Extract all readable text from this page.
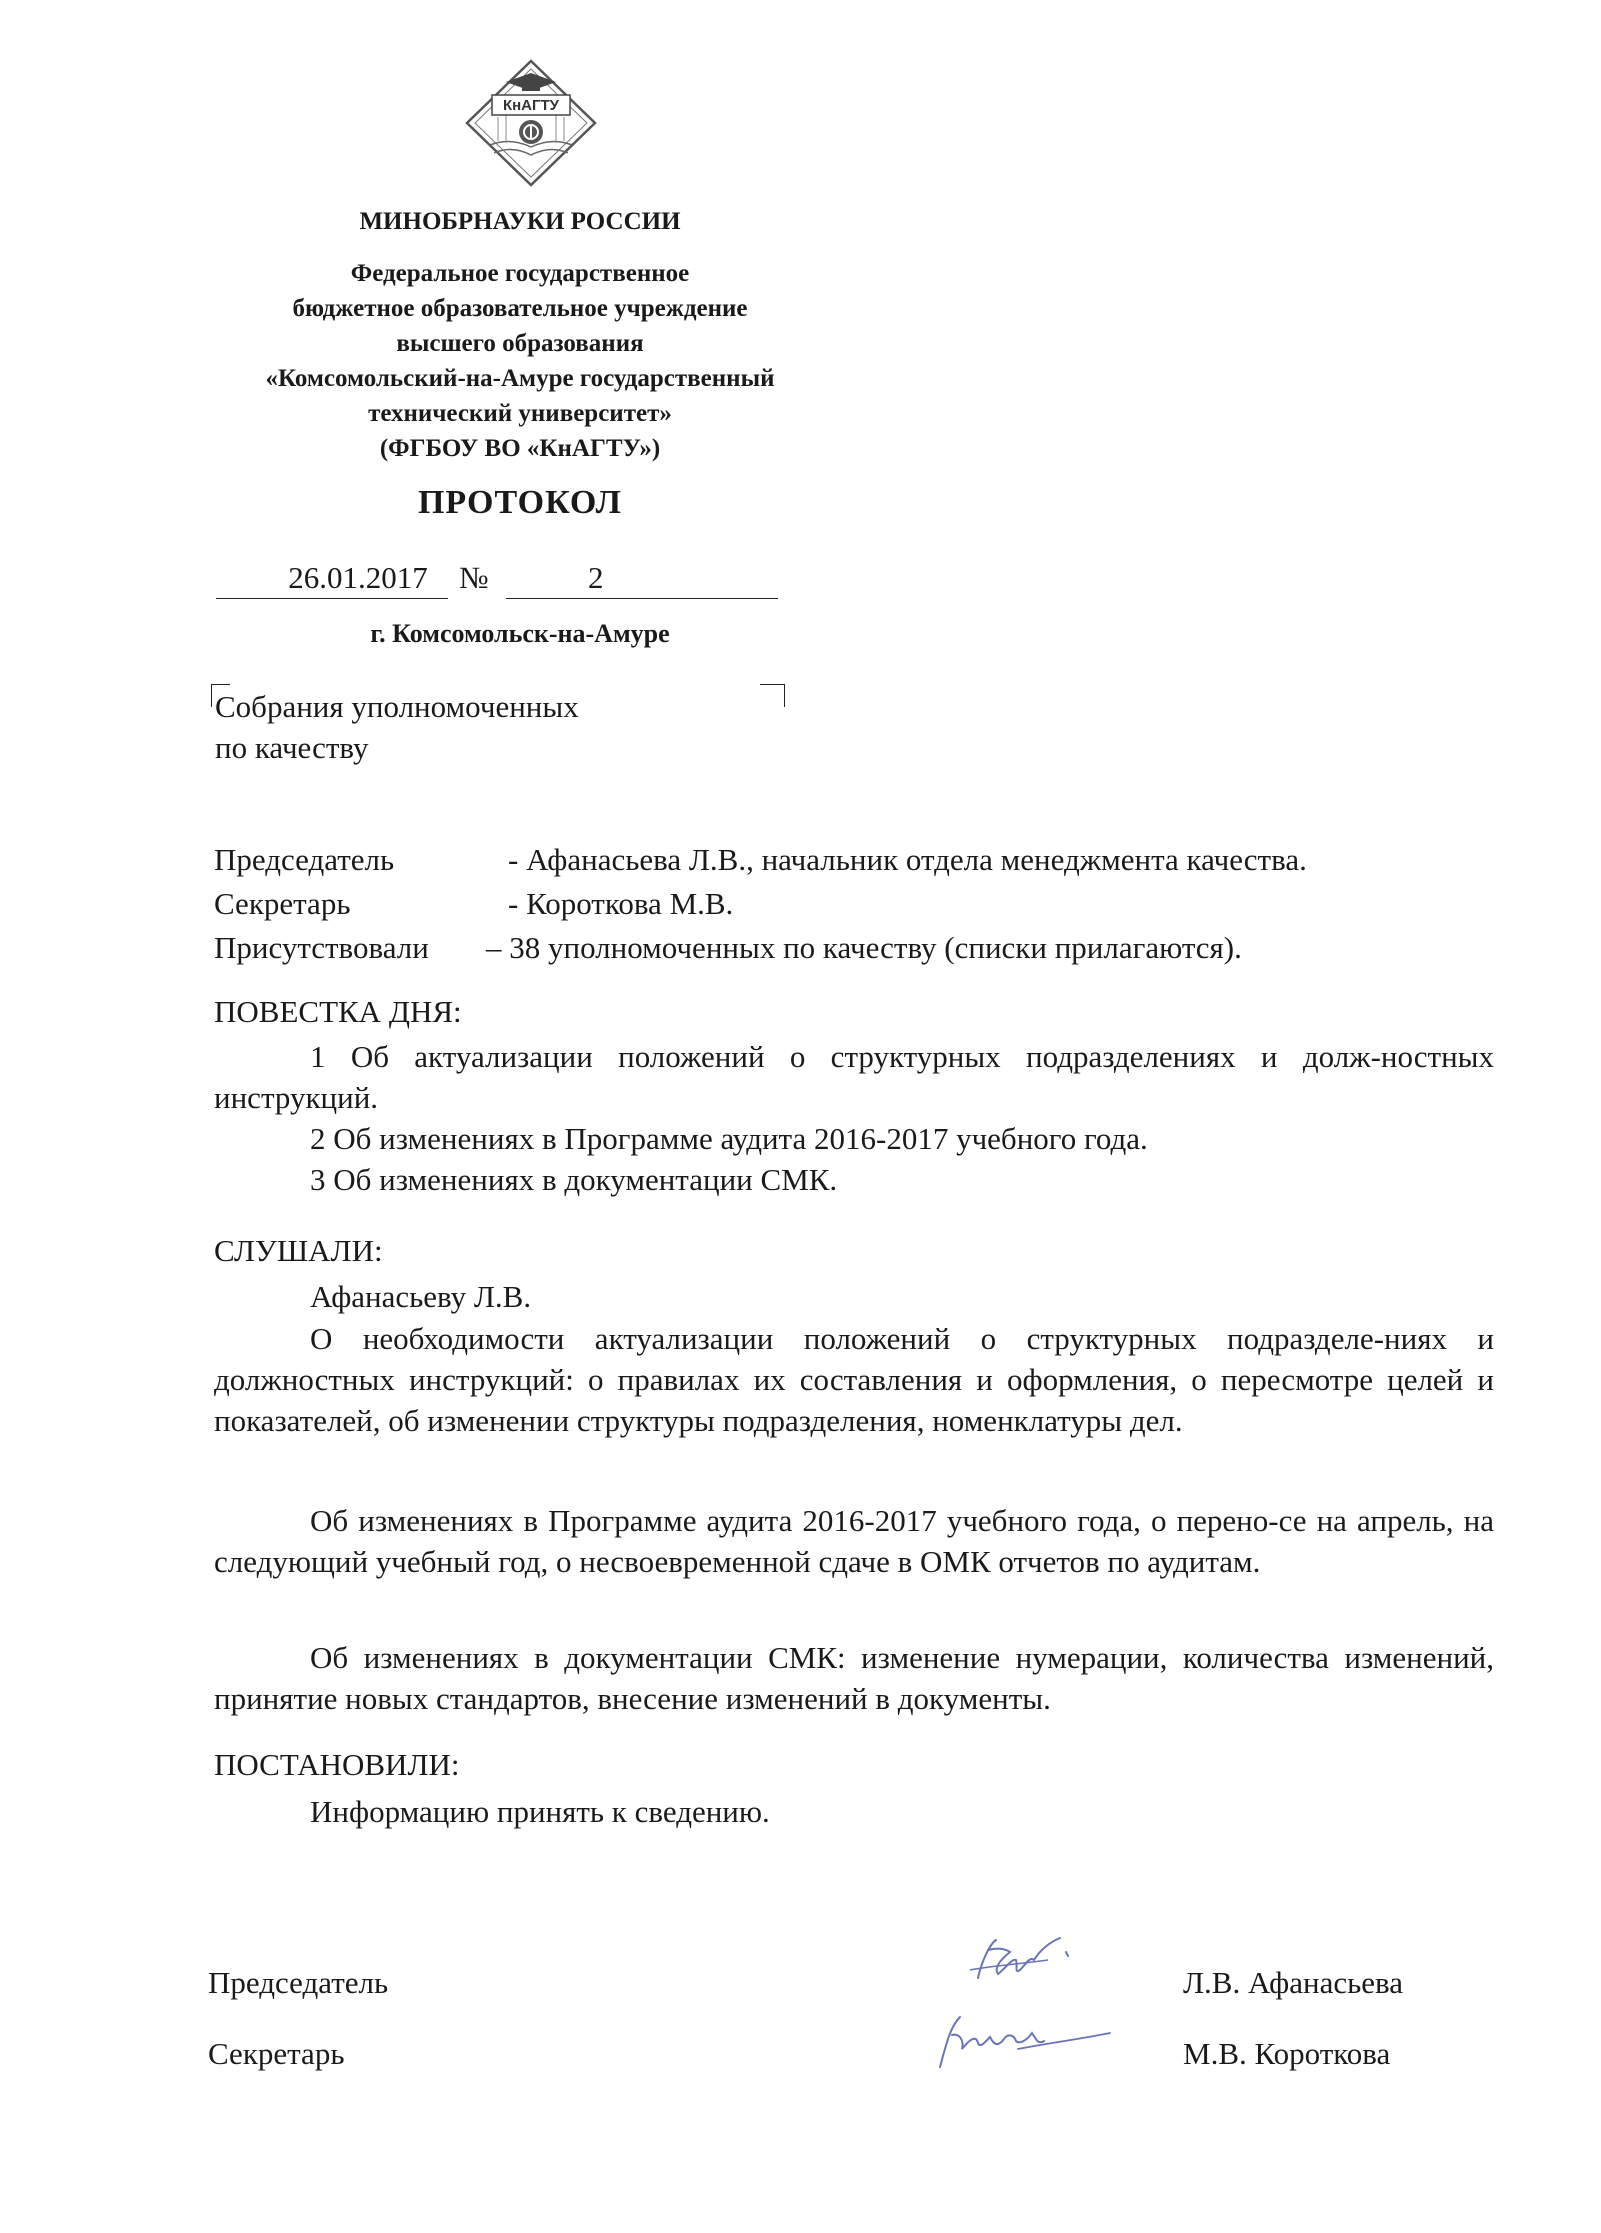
КнАГТУ
МИНОБРНАУКИ РОССИИ
Федеральное государственное
бюджетное образовательное учреждение
высшего образования
«Комсомольский-на-Амуре государственный
технический университет»
(ФГБОУ ВО «КнАГТУ»)
ПРОТОКОЛ
26.01.2017	№	2
г. Комсомольск-на-Амуре
Собрания уполномоченных
по качеству
Председатель	- Афанасьева Л.В., начальник отдела менеджмента качества.
Секретарь	- Короткова М.В.
Присутствовали – 38 уполномоченных по качеству (списки прилагаются).
ПОВЕСТКА ДНЯ:
1 Об актуализации положений о структурных подразделениях и долж-ностных инструкций.
2 Об изменениях в Программе аудита 2016-2017 учебного года.
3 Об изменениях в документации СМК.
СЛУШАЛИ:
Афанасьеву Л.В.
О необходимости актуализации положений о структурных подразделе-ниях и должностных инструкций: о правилах их составления и оформления, о пересмотре целей и показателей, об изменении структуры подразделения, номенклатуры дел.
Об изменениях в Программе аудита 2016-2017 учебного года, о перено-се на апрель, на следующий учебный год, о несвоевременной сдаче в ОМК отчетов по аудитам.
Об изменениях в документации СМК: изменение нумерации, количества изменений, принятие новых стандартов, внесение изменений в документы.
ПОСТАНОВИЛИ:
Информацию принять к сведению.
Председатель	Л.В. Афанасьева
Секретарь	М.В. Короткова
